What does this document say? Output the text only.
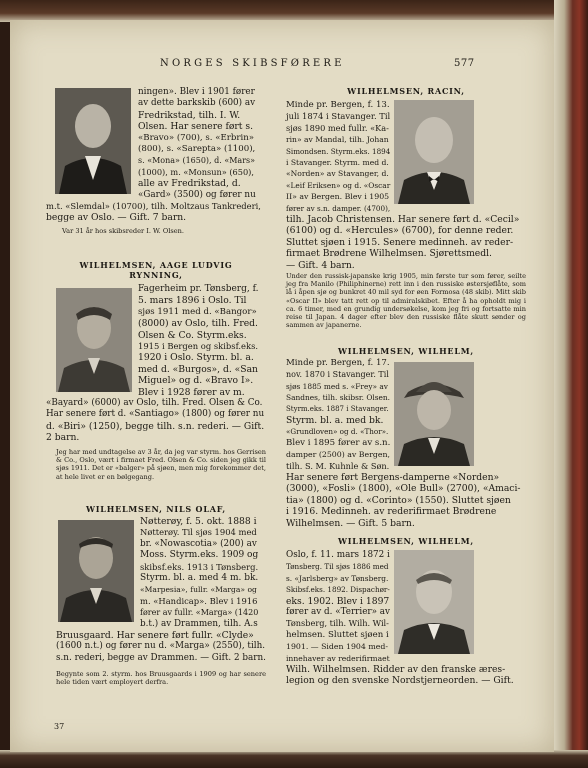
NORGES SKIBSFØRERE	577
ningen». Blev i 1901 fører
av dette barkskib (600) av
Fredrikstad, tilh. I. W.
Olsen. Har senere ført s.
«Bravo» (700), s. «Erbrin»
(800), s. «Sarepta» (1100),
s. «Mona» (1650), d. «Mars»
(1000), m. «Monsun» (650),
alle av Fredrikstad, d.
«Gard» (3500) og fører nu
m.t. «Slemdal» (10700), tilh. Moltzaus Tankrederi,
begge av Oslo. — Gift. 7 barn.
Var 31 år hos skibsreder I. W. Olsen.
WILHELMSEN, AAGE LUDVIG
RYNNING,
Fagerheim pr. Tønsberg, f.
5. mars 1896 i Oslo. Til
sjøs 1911 med d. «Bangor»
(8000) av Oslo, tilh. Fred.
Olsen & Co. Styrm.eks.
1915 i Bergen og skibsf.eks.
1920 i Oslo. Styrm. bl. a.
med d. «Burgos», d. «San
Miguel» og d. «Bravo I».
Blev i 1928 fører av m.
«Bayard» (6000) av Oslo, tilh. Fred. Olsen & Co.
Har senere ført d. «Santiago» (1800) og fører nu
d. «Biri» (1250), begge tilh. s.n. rederi. — Gift.
2 barn.
Jeg har med undtagelse av 3 år, da jeg var styrm. hos Gerrisen & Co., Oslo, vært i firmaet Fred. Olsen & Co. siden jeg gikk til sjøs 1911. Det er «balger» på sjøen, men mig forekommer det, at hele livet er en bølgegang.
WILHELMSEN, NILS OLAF,
Nøtterøy, f. 5. okt. 1888 i
Nøtterøy. Til sjøs 1904 med
br. «Nowascotia» (200) av
Moss. Styrm.eks. 1909 og
skibsf.eks. 1913 i Tønsberg.
Styrm. bl. a. med 4 m. bk.
«Marpesia», fullr. «Marga» og
m. «Handicap». Blev i 1916
fører av fullr. «Marga» (1420
b.t.) av Drammen, tilh. A.s
Bruusgaard. Har senere ført fullr. «Clyde»
(1600 n.t.) og fører nu d. «Marga» (2550), tilh.
s.n. rederi, begge av Drammen. — Gift. 2 barn.
Begynte som 2. styrm. hos Bruusgaards i 1909 og har senere hele tiden vært employert derfra.
37
WILHELMSEN, RACIN,
Minde pr. Bergen, f. 13.
juli 1874 i Stavanger. Til
sjøs 1890 med fullr. «Ka-
rin» av Mandal, tilh. Johan
Simondsen. Styrm.eks. 1894
i Stavanger. Styrm. med d.
«Norden» av Stavanger, d.
«Leif Eriksen» og d. «Oscar
II» av Bergen. Blev i 1905
fører av s.n. damper. (4700),
tilh. Jacob Christensen. Har senere ført d. «Cecil»
(6100) og d. «Hercules» (6700), for denne reder.
Sluttet sjøen i 1915. Senere medinneh. av reder-
firmaet Brødrene Wilhelmsen. Sjørettsmedl.
— Gift. 4 barn.
Under den russisk-japanske krig 1905, min første tur som fører, seilte jeg fra Manilo (Philiphinerne) rett inn i den russiske østersjøflåte, som lå i åpen sjø og bunkret 40 mil syd for øen Formosa (48 skib). Mitt skib «Oscar II» blev tatt rett op til admiralskibet. Efter å ha opholdt mig i ca. 6 timer, med en grundig undersøkelse, kom jeg fri og fortsatte min reise til Japan. 4 dager efter blev den russiske flåte skutt sønder og sammen av japanerne.
WILHELMSEN, WILHELM,
Minde pr. Bergen, f. 17.
nov. 1870 i Stavanger. Til
sjøs 1885 med s. «Frey» av
Sandnes, tilh. skibsr. Olsen.
Styrm.eks. 1887 i Stavanger.
Styrm. bl. a. med bk.
«Grundloven» og d. «Thor».
Blev i 1895 fører av s.n.
damper (2500) av Bergen,
tilh. S. M. Kuhnle & Søn.
Har senere ført Bergens-damperne «Norden»
(3000), «Fosli» (1800), «Ole Bull» (2700), «Amaci-
tia» (1800) og d. «Corinto» (1550). Sluttet sjøen
i 1916. Medinneh. av rederifirmaet Brødrene
Wilhelmsen. — Gift. 5 barn.
WILHELMSEN, WILHELM,
Oslo, f. 11. mars 1872 i
Tønsberg. Til sjøs 1886 med
s. «Jarlsberg» av Tønsberg.
Skibsf.eks. 1892. Dispachør-
eks. 1902. Blev i 1897
fører av d. «Terrier» av
Tønsberg, tilh. Wilh. Wil-
helmsen. Sluttet sjøen i
1901. — Siden 1904 med-
innehaver av rederifirmaet
Wilh. Wilhelmsen. Ridder av den franske æres-
legion og den svenske Nordstjerneorden. — Gift.
